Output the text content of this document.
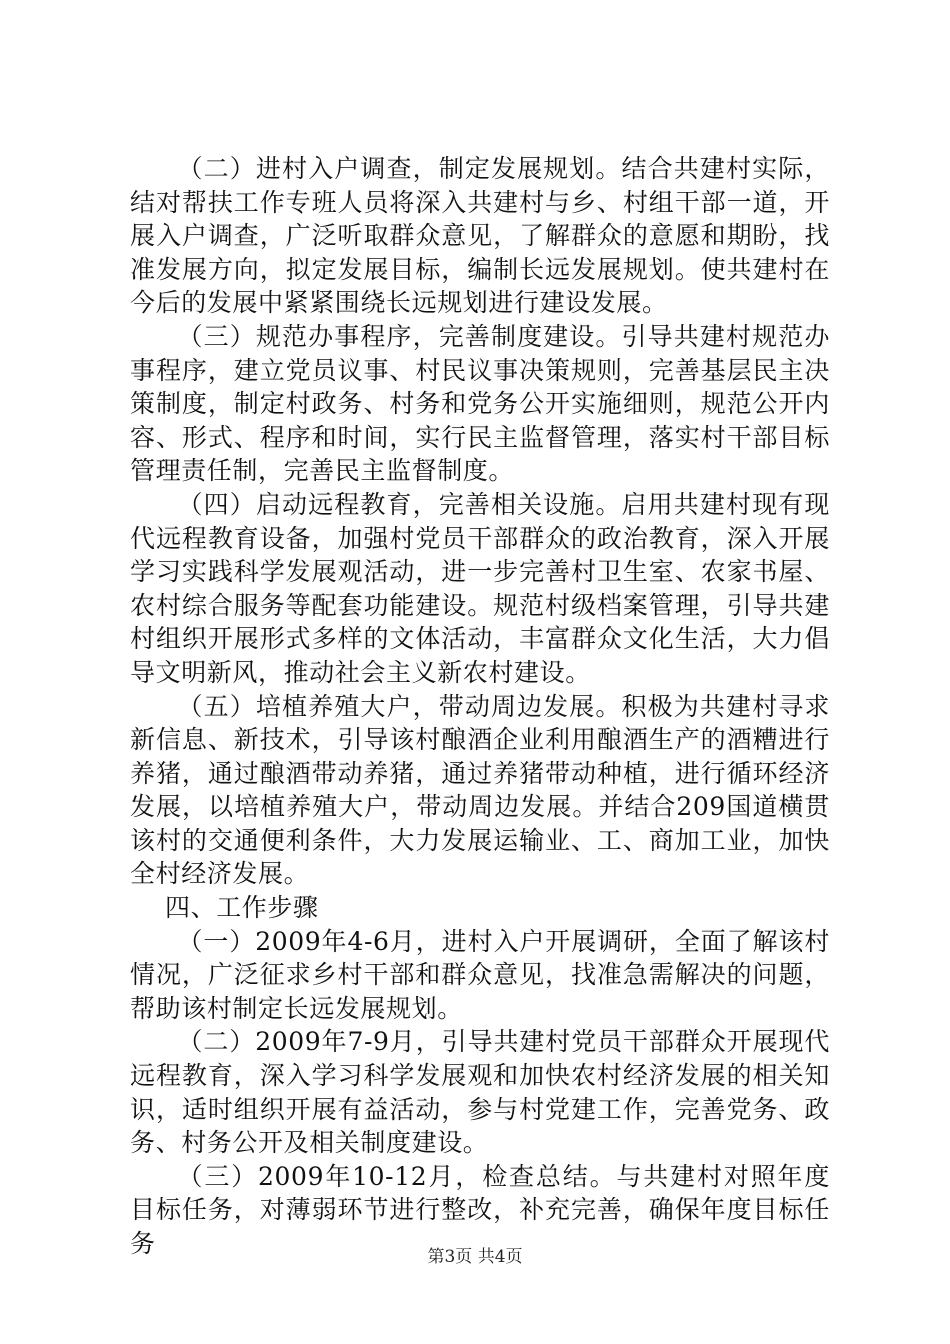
（二）进村入户调查，制定发展规划。结合共建村实际，结对帮扶工作专班人员将深入共建村与乡、村组干部一道，开展入户调查，广泛听取群众意见，了解群众的意愿和期盼，找准发展方向，拟定发展目标，编制长远发展规划。使共建村在今后的发展中紧紧围绕长远规划进行建设发展。

（三）规范办事程序，完善制度建设。引导共建村规范办事程序，建立党员议事、村民议事决策规则，完善基层民主决策制度，制定村政务、村务和党务公开实施细则，规范公开内容、形式、程序和时间，实行民主监督管理，落实村干部目标管理责任制，完善民主监督制度。

（四）启动远程教育，完善相关设施。启用共建村现有现代远程教育设备，加强村党员干部群众的政治教育，深入开展学习实践科学发展观活动，进一步完善村卫生室、农家书屋、农村综合服务等配套功能建设。规范村级档案管理，引导共建村组织开展形式多样的文体活动，丰富群众文化生活，大力倡导文明新风，推动社会主义新农村建设。

（五）培植养殖大户，带动周边发展。积极为共建村寻求新信息、新技术，引导该村酿酒企业利用酿酒生产的酒糟进行养猪，通过酿酒带动养猪，通过养猪带动种植，进行循环经济发展，以培植养殖大户，带动周边发展。并结合209国道横贯该村的交通便利条件，大力发展运输业、工、商加工业，加快全村经济发展。

四、工作步骤

（一）2009年4-6月，进村入户开展调研，全面了解该村情况，广泛征求乡村干部和群众意见，找准急需解决的问题，帮助该村制定长远发展规划。

（二）2009年7-9月，引导共建村党员干部群众开展现代远程教育，深入学习科学发展观和加快农村经济发展的相关知识，适时组织开展有益活动，参与村党建工作，完善党务、政务、村务公开及相关制度建设。

（三）2009年10-12月，检查总结。与共建村对照年度目标任务，对薄弱环节进行整改，补充完善，确保年度目标任务	第3页 共4页
